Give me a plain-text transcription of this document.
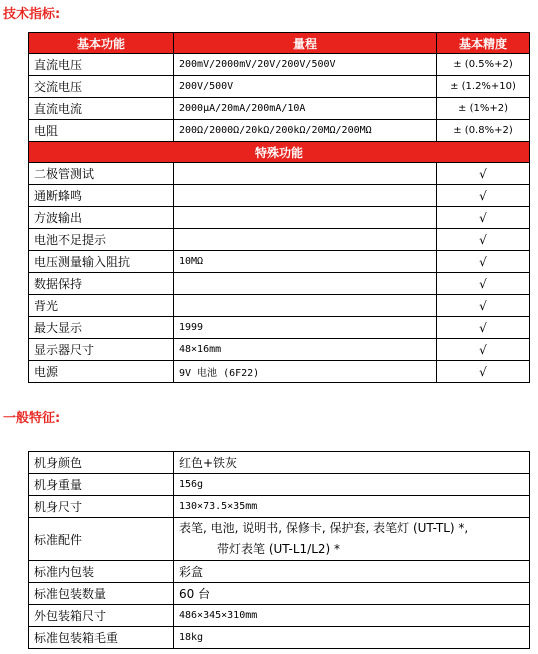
技术指标:
基本功能	量程	基本精度
直流电压	200mV/2000mV/20V/200V/500V	± (0.5%+2)
交流电压	200V/500V	± (1.2%+10)
直流电流	2000µA/20mA/200mA/10A	± (1%+2)
电阻	200Ω/2000Ω/20kΩ/200kΩ/20MΩ/200MΩ	± (0.8%+2)
特殊功能		
二极管测试		√
通断蜂鸣		√
方波输出		√
电池不足提示		√
电压测量输入阻抗	10MΩ	√
数据保持		√
背光		√
最大显示	1999	√
显示器尺寸	48×16mm	√
电源	9V 电池 (6F22)	√
一般特征:
机身颜色	红色+铁灰
机身重量	156g
机身尺寸	130×73.5×35mm
标准配件	表笔, 电池, 说明书, 保修卡, 保护套, 表笔灯 (UT-TL) *,
带灯表笔 (UT-L1/L2) *

标准内包装	彩盒
标准包装数量	60 台
外包装箱尺寸	486×345×310mm
标准包装箱毛重	18kg
